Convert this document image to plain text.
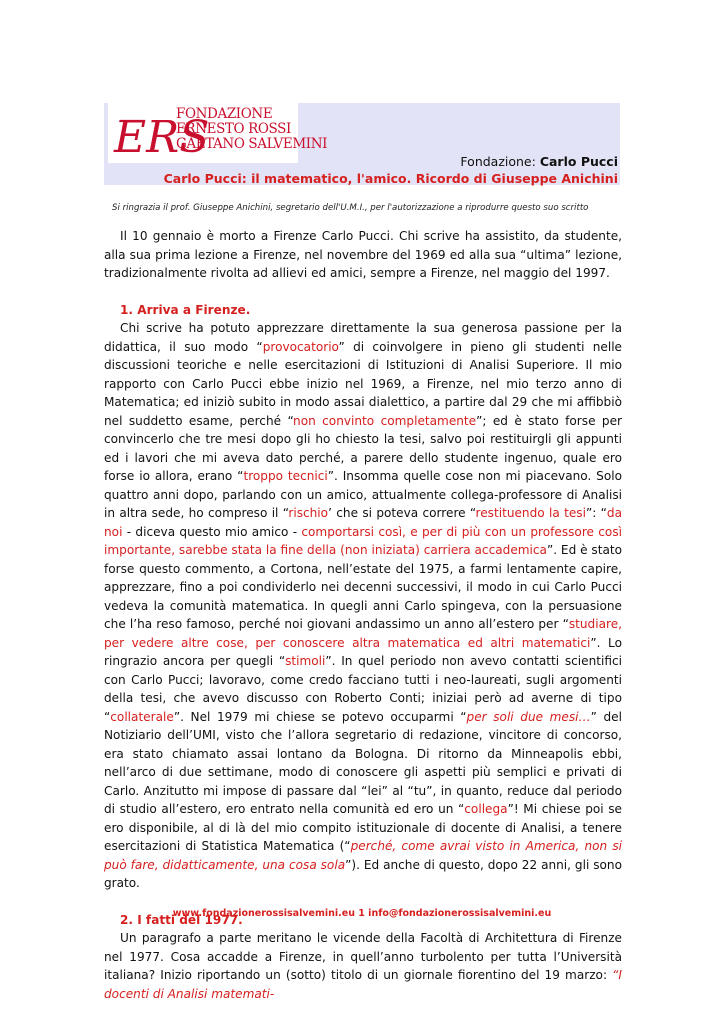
ERS
FONDAZIONE
ERNESTO ROSSI
GAETANO SALVEMINI
Fondazione: Carlo Pucci
Carlo Pucci: il matematico, l'amico. Ricordo di Giuseppe Anichini
Si ringrazia il prof. Giuseppe Anichini, segretario dell'U.M.I., per l'autorizzazione a riprodurre questo suo scritto

Il 10 gennaio è morto a Firenze Carlo Pucci. Chi scrive ha assistito, da studente, alla sua prima lezione a Firenze, nel novembre del 1969 ed alla sua “ultima” lezione, tradizionalmente rivolta ad allievi ed amici, sempre a Firenze, nel maggio del 1997.

1. Arriva a Firenze.

Chi scrive ha potuto apprezzare direttamente la sua generosa passione per la didattica, il suo modo “provocatorio” di coinvolgere in pieno gli studenti nelle discussioni teoriche e nelle esercitazioni di Istituzioni di Analisi Superiore. Il mio rapporto con Carlo Pucci ebbe inizio nel 1969, a Firenze, nel mio terzo anno di Matematica; ed iniziò subito in modo assai dialettico, a partire dal 29 che mi affibbiò nel suddetto esame, perché “non convinto completamente”; ed è stato forse per convincerlo che tre mesi dopo gli ho chiesto la tesi, salvo poi restituirgli gli appunti ed i lavori che mi aveva dato perché, a parere dello studente ingenuo, quale ero forse io allora, erano “troppo tecnici”. Insomma quelle cose non mi piacevano. Solo quattro anni dopo, parlando con un amico, attualmente collega-professore di Analisi in altra sede, ho compreso il “rischio’ che si poteva correre “restituendo la tesi”: “da noi - diceva questo mio amico - comportarsi così, e per di più con un professore così importante, sarebbe stata la fine della (non iniziata) carriera accademica”. Ed è stato forse questo commento, a Cortona, nell’estate del 1975, a farmi lentamente capire, apprezzare, fino a poi condividerlo nei decenni successivi, il modo in cui Carlo Pucci vedeva la comunità matematica. In quegli anni Carlo spingeva, con la persuasione che l’ha reso famoso, perché noi giovani andassimo un anno all’estero per “studiare, per vedere altre cose, per conoscere altra matematica ed altri matematici”. Lo ringrazio ancora per quegli “stimoli”. In quel periodo non avevo contatti scientifici con Carlo Pucci; lavoravo, come credo facciano tutti i neo-laureati, sugli argomenti della tesi, che avevo discusso con Roberto Conti; iniziai però ad averne di tipo “collaterale”. Nel 1979 mi chiese se potevo occuparmi “per soli due mesi…” del Notiziario dell’UMI, visto che l’allora segretario di redazione, vincitore di concorso, era stato chiamato assai lontano da Bologna. Di ritorno da Minneapolis ebbi, nell’arco di due settimane, modo di conoscere gli aspetti più semplici e privati di Carlo. Anzitutto mi impose di passare dal “lei” al “tu”, in quanto, reduce dal periodo di studio all’estero, ero entrato nella comunità ed ero un “collega”! Mi chiese poi se ero disponibile, al di là del mio compito istituzionale di docente di Analisi, a tenere esercitazioni di Statistica Matematica (“perché, come avrai visto in America, non si può fare, didatticamente, una cosa sola”). Ed anche di questo, dopo 22 anni, gli sono grato.

2. I fatti del 1977.

Un paragrafo a parte meritano le vicende della Facoltà di Architettura di Firenze nel 1977. Cosa accadde a Firenze, in quell’anno turbolento per tutta l’Università italiana? Inizio riportando un (sotto) titolo di un giornale fiorentino del 19 marzo: “I docenti di Analisi matemati-

www.fondazionerossisalvemini.eu 1 info@fondazionerossisalvemini.eu
